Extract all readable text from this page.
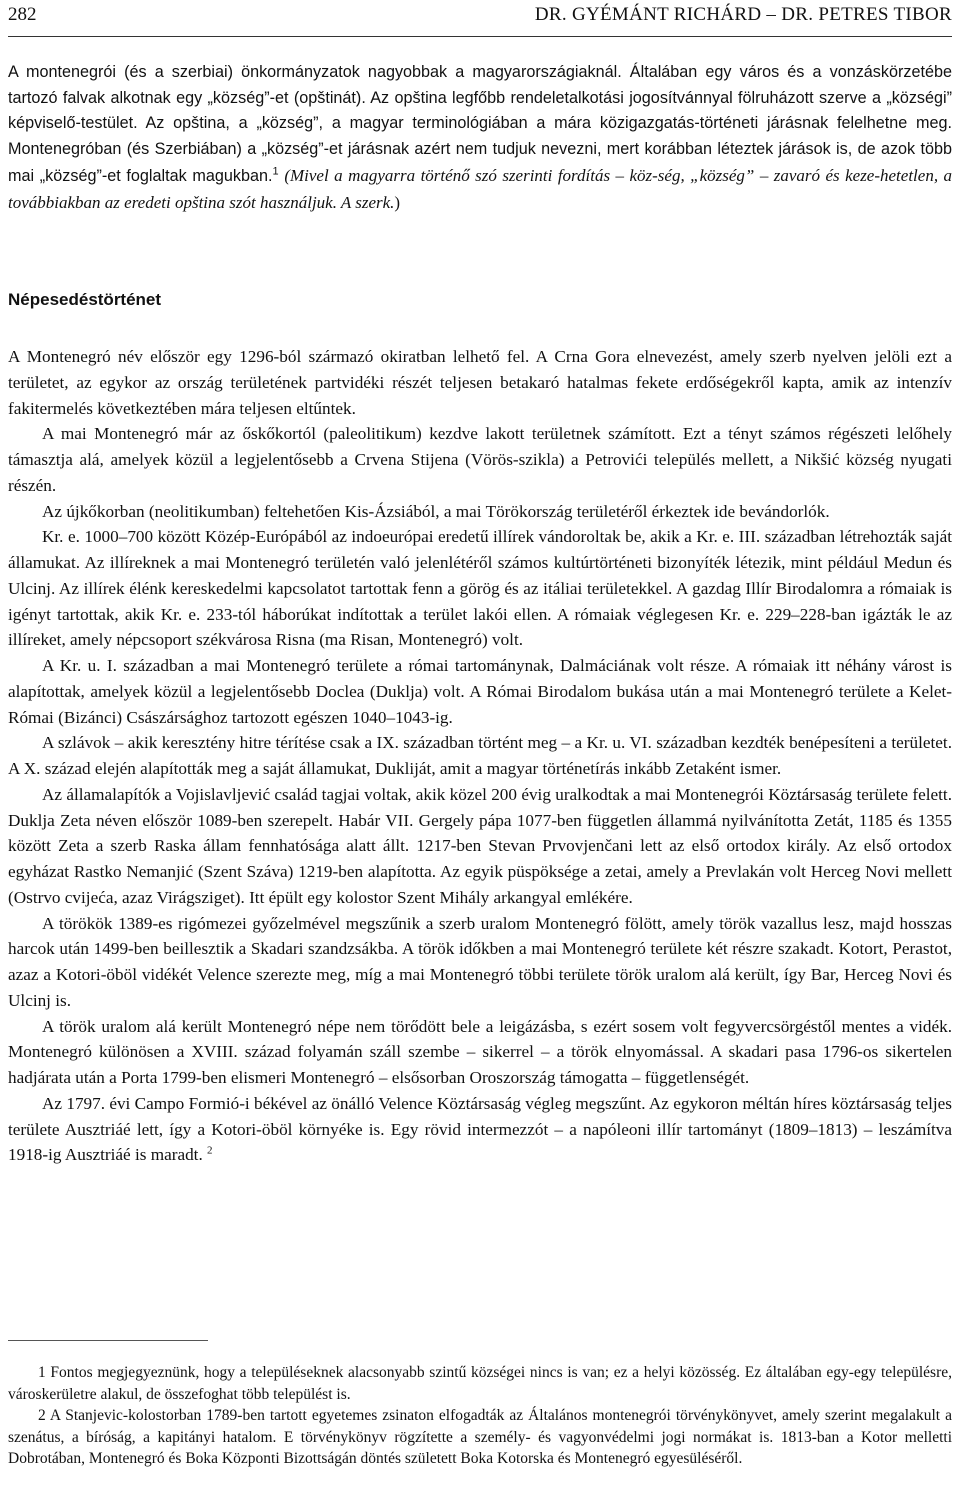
282	DR. GYÉMÁNT RICHÁRD – DR. PETRES TIBOR

A montenegrói (és a szerbiai) önkormányzatok nagyobbak a magyarországiaknál. Általában egy város és a vonzáskörzetébe tartozó falvak alkotnak egy „község”-et (opštinát). Az opština legfőbb rendeletalkotási jogosítvánnyal fölruházott szerve a „községi” képviselő-testület. Az opština, a „község”, a magyar terminológiában a mára közigazgatás-történeti járásnak felelhetne meg. Montenegróban (és Szerbiában) a „község”-et járásnak azért nem tudjuk nevezni, mert korábban léteztek járások is, de azok több mai „község”-et foglaltak magukban.$^1$ (Mivel a magyarra történő szó szerinti fordítás – köz-ség, „község” – zavaró és keze-hetetlen, a továbbiakban az eredeti opština szót használjuk. A szerk.)

Népesedéstörténet

A Montenegró név először egy 1296-ból származó okiratban lelhető fel. A Crna Gora elnevezést, amely szerb nyelven jelöli ezt a területet, az egykor az ország területének partvidéki részét teljesen betakaró hatalmas fekete erdőségekről kapta, amik az intenzív fakitermelés következtében mára teljesen eltűntek.

A mai Montenegró már az őskőkortól (paleolitikum) kezdve lakott területnek számított. Ezt a tényt számos régészeti lelőhely támasztja alá, amelyek közül a legjelentősebb a Crvena Stijena (Vörös-szikla) a Petrovići település mellett, a Nikšić község nyugati részén.

Az újkőkorban (neolitikumban) feltehetően Kis-Ázsiából, a mai Törökország területéről érkeztek ide bevándorlók.

Kr. e. 1000–700 között Közép-Európából az indoeurópai eredetű illírek vándoroltak be, akik a Kr. e. III. században létrehozták saját államukat. Az illíreknek a mai Montenegró területén való jelenlétéről számos kultúrtörténeti bizonyíték létezik, mint például Medun és Ulcinj. Az illírek élénk kereskedelmi kapcsolatot tartottak fenn a görög és az itáliai területekkel. A gazdag Illír Birodalomra a rómaiak is igényt tartottak, akik Kr. e. 233-tól háborúkat indítottak a terület lakói ellen. A rómaiak véglegesen Kr. e. 229–228-ban igázták le az illíreket, amely népcsoport székvárosa Risna (ma Risan, Montenegró) volt.

A Kr. u. I. században a mai Montenegró területe a római tartománynak, Dalmáciának volt része. A rómaiak itt néhány várost is alapítottak, amelyek közül a legjelentősebb Doclea (Duklja) volt. A Római Birodalom bukása után a mai Montenegró területe a Kelet-Római (Bizánci) Császársághoz tartozott egészen 1040–1043-ig.

A szlávok – akik keresztény hitre térítése csak a IX. században történt meg – a Kr. u. VI. században kezdték benépesíteni a területet. A X. század elején alapították meg a saját államukat, Dukliját, amit a magyar történetírás inkább Zetaként ismer.

Az államalapítók a Vojislavljević család tagjai voltak, akik közel 200 évig uralkodtak a mai Montenegrói Köztársaság területe felett. Duklja Zeta néven először 1089-ben szerepelt. Habár VII. Gergely pápa 1077-ben független állammá nyilvánította Zetát, 1185 és 1355 között Zeta a szerb Raska állam fennhatósága alatt állt. 1217-ben Stevan Prvovjenčani lett az első ortodox király. Az első ortodox egyházat Rastko Nemanjić (Szent Száva) 1219-ben alapította. Az egyik püspöksége a zetai, amely a Prevlakán volt Herceg Novi mellett (Ostrvo cvijeća, azaz Virágsziget). Itt épült egy kolostor Szent Mihály arkangyal emlékére.

A törökök 1389-es rigómezei győzelmével megszűnik a szerb uralom Montenegró fölött, amely török vazallus lesz, majd hosszas harcok után 1499-ben beillesztik a Skadari szandzsákba. A török időkben a mai Montenegró területe két részre szakadt. Kotort, Perastot, azaz a Kotori-öböl vidékét Velence szerezte meg, míg a mai Montenegró többi területe török uralom alá került, így Bar, Herceg Novi és Ulcinj is.

A török uralom alá került Montenegró népe nem törődött bele a leigázásba, s ezért sosem volt fegyvercsörgéstől mentes a vidék. Montenegró különösen a XVIII. század folyamán száll szembe – sikerrel – a török elnyomással. A skadari pasa 1796-os sikertelen hadjárata után a Porta 1799-ben elismeri Montenegró – elsősorban Oroszország támogatta – függetlenségét.

Az 1797. évi Campo Formió-i békével az önálló Velence Köztársaság végleg megszűnt. Az egykoron méltán híres köztársaság teljes területe Ausztriáé lett, így a Kotori-öböl környéke is. Egy rövid intermezzót – a napóleoni illír tartományt (1809–1813) – leszámítva 1918-ig Ausztriáé is maradt. $^2$

1 Fontos megjegyeznünk, hogy a településeknek alacsonyabb szintű községei nincs is van; ez a helyi közösség. Ez általában egy-egy településre, városkerületre alakul, de összefoghat több települést is.

2 A Stanjevic-kolostorban 1789-ben tartott egyetemes zsinaton elfogadták az Általános montenegrói törvénykönyvet, amely szerint megalakult a szenátus, a bíróság, a kapitányi hatalom. E törvénykönyv rögzítette a személy- és vagyonvédelmi jogi normákat is. 1813-ban a Kotor melletti Dobrotában, Montenegró és Boka Központi Bizottságán döntés született Boka Kotorska és Montenegró egyesüléséről.
